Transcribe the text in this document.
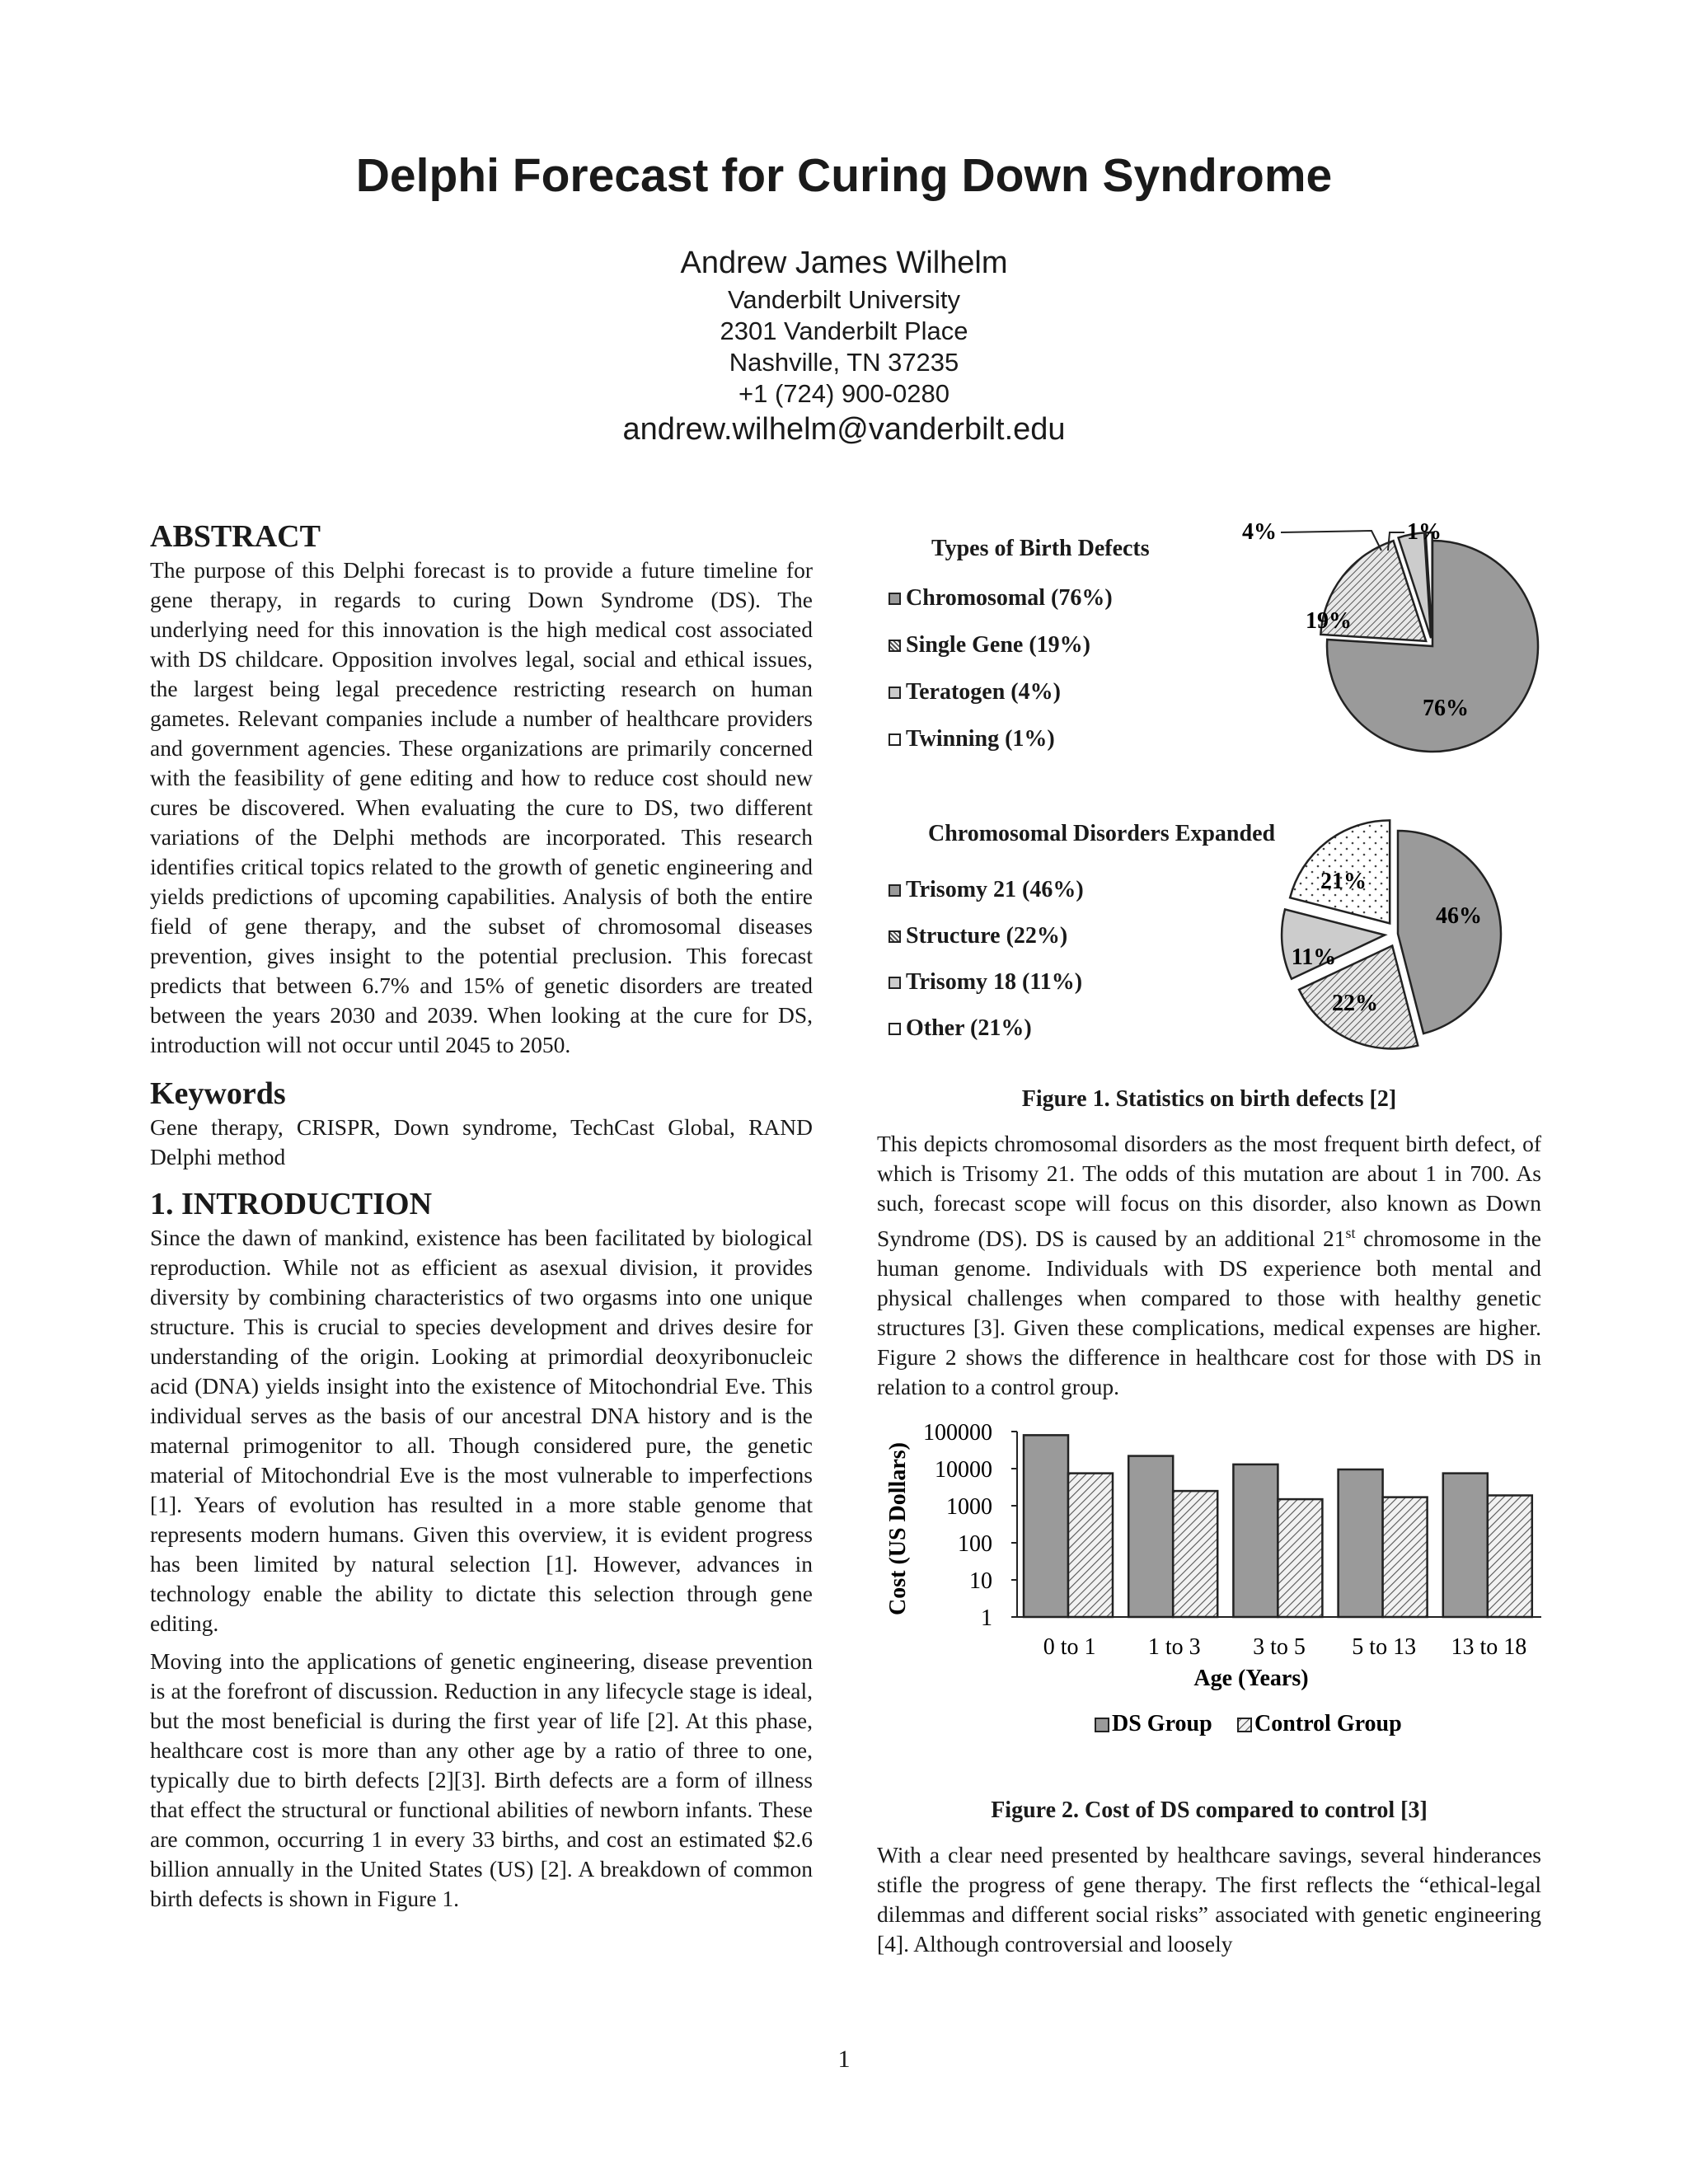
Delphi Forecast for Curing Down Syndrome
Andrew James Wilhelm
Vanderbilt University
2301 Vanderbilt Place
Nashville, TN 37235
+1 (724) 900-0280
andrew.wilhelm@vanderbilt.edu
ABSTRACT

The purpose of this Delphi forecast is to provide a future timeline for gene therapy, in regards to curing Down Syndrome (DS). The underlying need for this innovation is the high medical cost associated with DS childcare. Opposition involves legal, social and ethical issues, the largest being legal precedence restricting research on human gametes. Relevant companies include a number of healthcare providers and government agencies. These organizations are primarily concerned with the feasibility of gene editing and how to reduce cost should new cures be discovered. When evaluating the cure to DS, two different variations of the Delphi methods are incorporated. This research identifies critical topics related to the growth of genetic engineering and yields predictions of upcoming capabilities. Analysis of both the entire field of gene therapy, and the subset of chromosomal diseases prevention, gives insight to the potential preclusion. This forecast predicts that between 6.7% and 15% of genetic disorders are treated between the years 2030 and 2039. When looking at the cure for DS, introduction will not occur until 2045 to 2050.

Keywords

Gene therapy, CRISPR, Down syndrome, TechCast Global, RAND Delphi method

1. INTRODUCTION

Since the dawn of mankind, existence has been facilitated by biological reproduction. While not as efficient as asexual division, it provides diversity by combining characteristics of two orgasms into one unique structure. This is crucial to species development and drives desire for understanding of the origin. Looking at primordial deoxyribonucleic acid (DNA) yields insight into the existence of Mitochondrial Eve. This individual serves as the basis of our ancestral DNA history and is the maternal primogenitor to all. Though considered pure, the genetic material of Mitochondrial Eve is the most vulnerable to imperfections [1]. Years of evolution has resulted in a more stable genome that represents modern humans. Given this overview, it is evident progress has been limited by natural selection [1]. However, advances in technology enable the ability to dictate this selection through gene editing.

Moving into the applications of genetic engineering, disease prevention is at the forefront of discussion. Reduction in any lifecycle stage is ideal, but the most beneficial is during the first year of life [2]. At this phase, healthcare cost is more than any other age by a ratio of three to one, typically due to birth defects [2][3]. Birth defects are a form of illness that effect the structural or functional abilities of newborn infants. These are common, occurring 1 in every 33 births, and cost an estimated $2.6 billion annually in the United States (US) [2]. A breakdown of common birth defects is shown in Figure 1.

Types of Birth Defects
Chromosomal (76%)
Single Gene (19%)
Teratogen (4%)
Twinning (1%)
Chromosomal Disorders Expanded
Trisomy 21 (46%)
Structure (22%)
Trisomy 18 (11%)
Other (21%)
76%
19%
4%	1%
46%
22%
11%
21%
Figure 1. Statistics on birth defects [2]

This depicts chromosomal disorders as the most frequent birth defect, of which is Trisomy 21. The odds of this mutation are about 1 in 700. As such, forecast scope will focus on this disorder, also known as Down Syndrome (DS). DS is caused by an additional 21st chromosome in the human genome. Individuals with DS experience both mental and physical challenges when compared to those with healthy genetic structures [3]. Given these complications, medical expenses are higher. Figure 2 shows the difference in healthcare cost for those with DS in relation to a control group.

Cost (US Dollars)
1
10
100
1000
10000
100000
0 to 1 1 to 3 3 to 5 5 to 13 13 to 18
Age (Years)
DS Group Control Group
Figure 2. Cost of DS compared to control [3]

With a clear need presented by healthcare savings, several hinderances stifle the progress of gene therapy. The first reflects the “ethical-legal dilemmas and different social risks” associated with genetic engineering [4]. Although controversial and loosely

1
